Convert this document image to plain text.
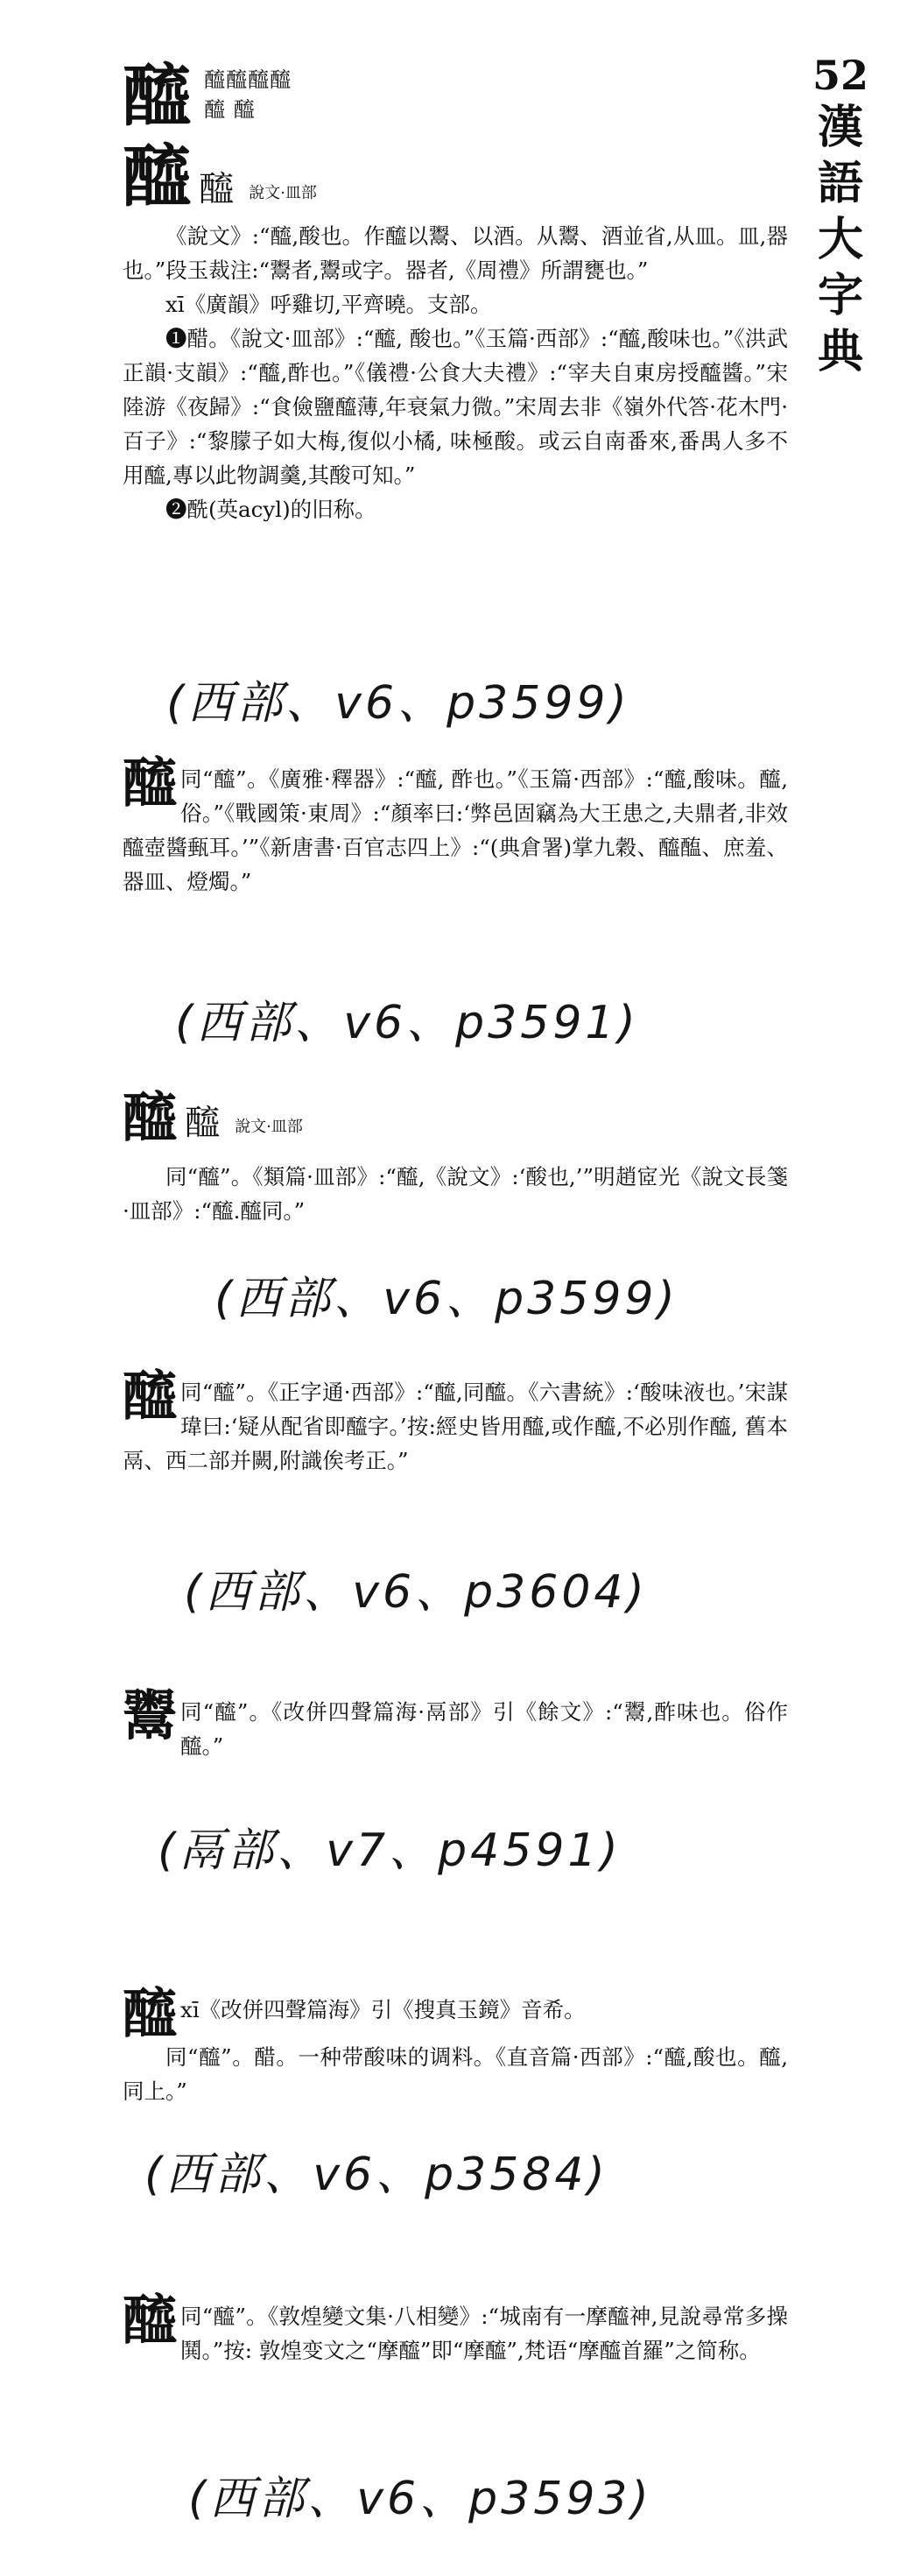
52
漢
語
大
字
典
醯 醯醯醯醯醯 醯
醯 醯 說文·皿部

《說文》:“醯,酸也。作醯以鬻、以酒。从鬻、酒並省,从皿。皿,器也。”段玉裁注:“鬻者,鬻或字。器者,《周禮》所謂甕也。”

xī《廣韻》呼雞切,平齊曉。支部。

❶醋。《說文·皿部》:“醯, 酸也。”《玉篇·西部》:“醯,酸味也。”《洪武正韻·支韻》:“醯,酢也。”《儀禮·公食大夫禮》:“宰夫自東房授醯醬。”宋陸游《夜歸》:“食儉鹽醯薄,年衰氣力微。”宋周去非《嶺外代答·花木門·百子》:“黎朦子如大梅,復似小橘, 味極酸。或云自南番來,番禺人多不用醯,專以此物調羹,其酸可知。”

❷酰(英acyl)的旧称。

(西部、v6、p3599)

醯同“醯”。《廣雅·釋器》:“醯, 酢也。”《玉篇·西部》:“醯,酸味。醯,俗。”《戰國策·東周》:“顏率曰:‘弊邑固竊為大王患之,夫鼎者,非效醯壺醬甀耳。’”《新唐書·百官志四上》:“(典倉署)掌九穀、醯醢、庶羞、器皿、燈燭。”

(西部、v6、p3591)
醯 醯 說文·皿部

同“醯”。《類篇·皿部》:“醯,《說文》:‘酸也,’”明趙宧光《說文長箋·皿部》:“醯.醯同。”

(西部、v6、p3599)

醯同“醯”。《正字通·西部》:“醯,同醯。《六書統》:‘酸味液也。’宋謀瑋曰:‘疑从配省即醯字。’按:經史皆用醯,或作醯,不必別作醯, 舊本鬲、西二部并闕,附識俟考正。”

(西部、v6、p3604)

鬻同“醯”。《改併四聲篇海·鬲部》引《餘文》:“鬻,酢味也。俗作醯。”

(鬲部、v7、p4591)

醯xī《改併四聲篇海》引《搜真玉鏡》音希。

同“醯”。醋。一种带酸味的调料。《直音篇·西部》:“醯,酸也。醯,同上。”

(西部、v6、p3584)

醯同“醯”。《敦煌變文集·八相變》:“城南有一摩醯神,見說尋常多操鬨。”按: 敦煌变文之“摩醯”即“摩醯”,梵语“摩醯首羅”之简称。

(西部、v6、p3593)
